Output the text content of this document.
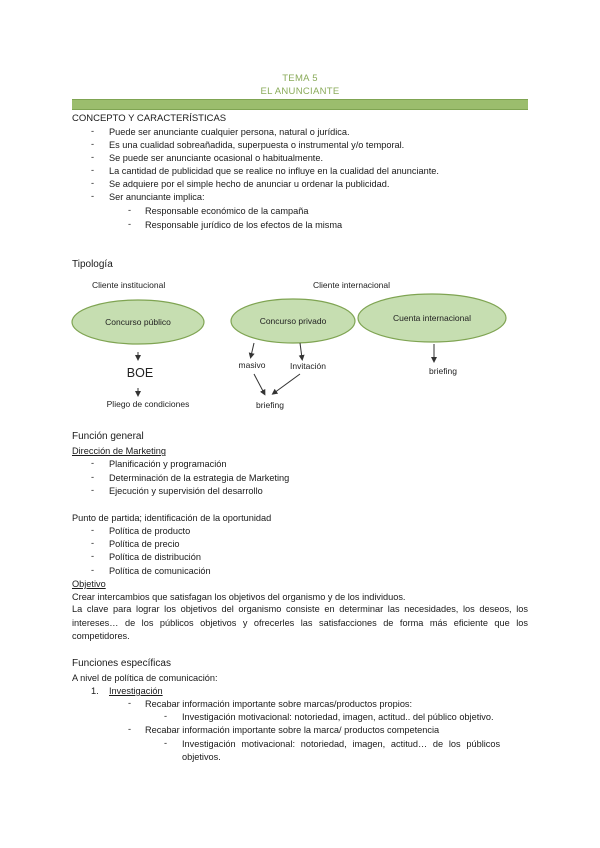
TEMA 5
EL ANUNCIANTE
CONCEPTO Y CARACTERÍSTICAS
- Puede ser anunciante cualquier persona, natural o jurídica.
- Es una cualidad sobreañadida, superpuesta o instrumental y/o temporal.
- Se puede ser anunciante ocasional o habitualmente.
- La cantidad de publicidad que se realice no influye en la cualidad del anunciante.
- Se adquiere por el simple hecho de anunciar u ordenar la publicidad.
- Ser anunciante implica:
- Responsable económico de la campaña
- Responsable jurídico de los efectos de la misma
Tipología
Cliente institucional	Cliente internacional
Concurso público	Concurso privado	Cuenta internacional
BOE
Pliego de condiciones
masivo	Invitación
briefing
briefing
Función general
Dirección de Marketing
- Planificación y programación
- Determinación de la estrategia de Marketing
- Ejecución y supervisión del desarrollo
Punto de partida; identificación de la oportunidad
- Política de producto
- Política de precio
- Política de distribución
- Política de comunicación
Objetivo
Crear intercambios que satisfagan los objetivos del organismo y de los individuos.
La clave para lograr los objetivos del organismo consiste en determinar las necesidades, los deseos, los intereses… de los públicos objetivos y ofrecerles las satisfacciones de forma más eficiente que los competidores.
Funciones específicas
A nivel de política de comunicación:
1. Investigación
- Recabar información importante sobre marcas/productos propios:
- Investigación motivacional: notoriedad, imagen, actitud.. del público objetivo.
- Recabar información importante sobre la marca/ productos competencia
- Investigación motivacional: notoriedad, imagen, actitud… de los públicos
objetivos.
